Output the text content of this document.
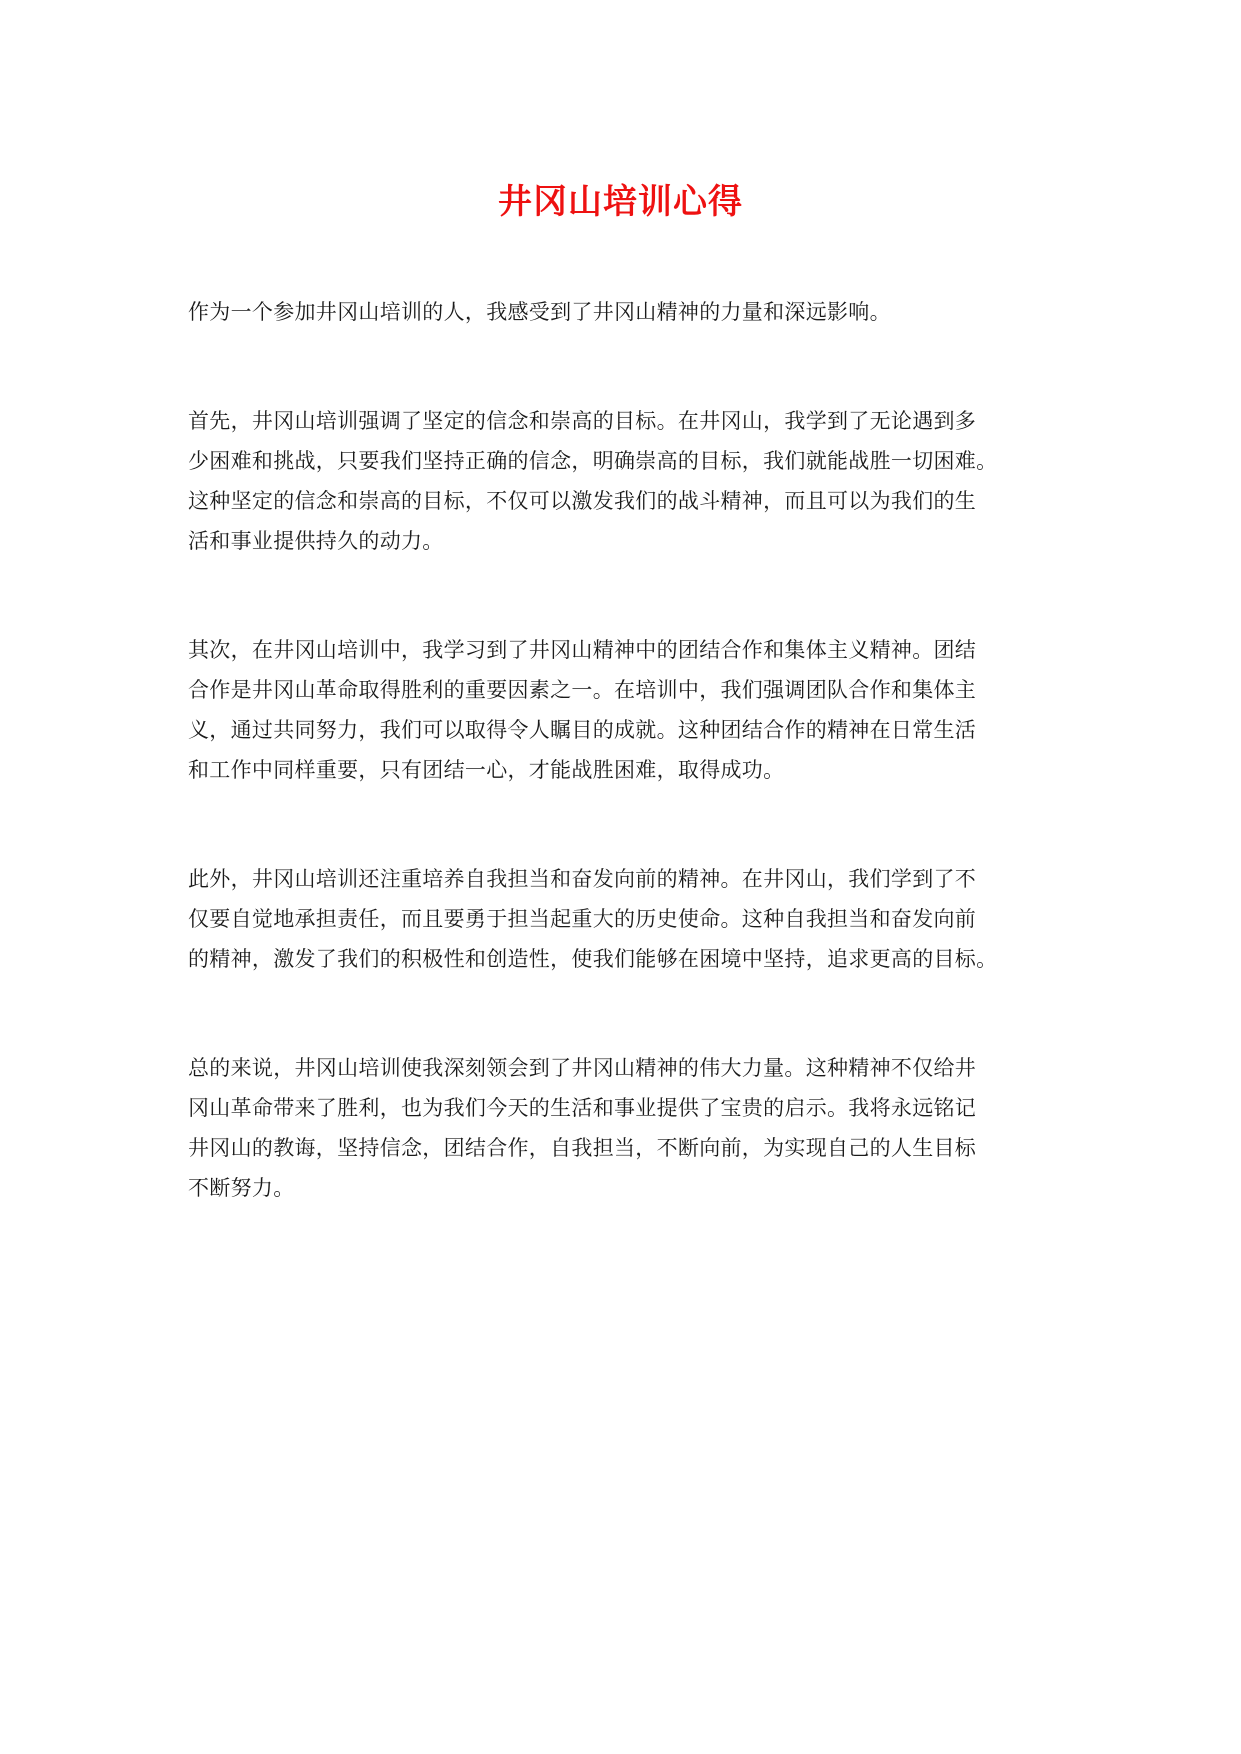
井冈山培训心得
作为一个参加井冈山培训的人，我感受到了井冈山精神的力量和深远影响。
首先，井冈山培训强调了坚定的信念和崇高的目标。在井冈山，我学到了无论遇到多
少困难和挑战，只要我们坚持正确的信念，明确崇高的目标，我们就能战胜一切困难。
这种坚定的信念和崇高的目标，不仅可以激发我们的战斗精神，而且可以为我们的生
活和事业提供持久的动力。
其次，在井冈山培训中，我学习到了井冈山精神中的团结合作和集体主义精神。团结
合作是井冈山革命取得胜利的重要因素之一。在培训中，我们强调团队合作和集体主
义，通过共同努力，我们可以取得令人瞩目的成就。这种团结合作的精神在日常生活
和工作中同样重要，只有团结一心，才能战胜困难，取得成功。
此外，井冈山培训还注重培养自我担当和奋发向前的精神。在井冈山，我们学到了不
仅要自觉地承担责任，而且要勇于担当起重大的历史使命。这种自我担当和奋发向前
的精神，激发了我们的积极性和创造性，使我们能够在困境中坚持，追求更高的目标。
总的来说，井冈山培训使我深刻领会到了井冈山精神的伟大力量。这种精神不仅给井
冈山革命带来了胜利，也为我们今天的生活和事业提供了宝贵的启示。我将永远铭记
井冈山的教诲，坚持信念，团结合作，自我担当，不断向前，为实现自己的人生目标
不断努力。
